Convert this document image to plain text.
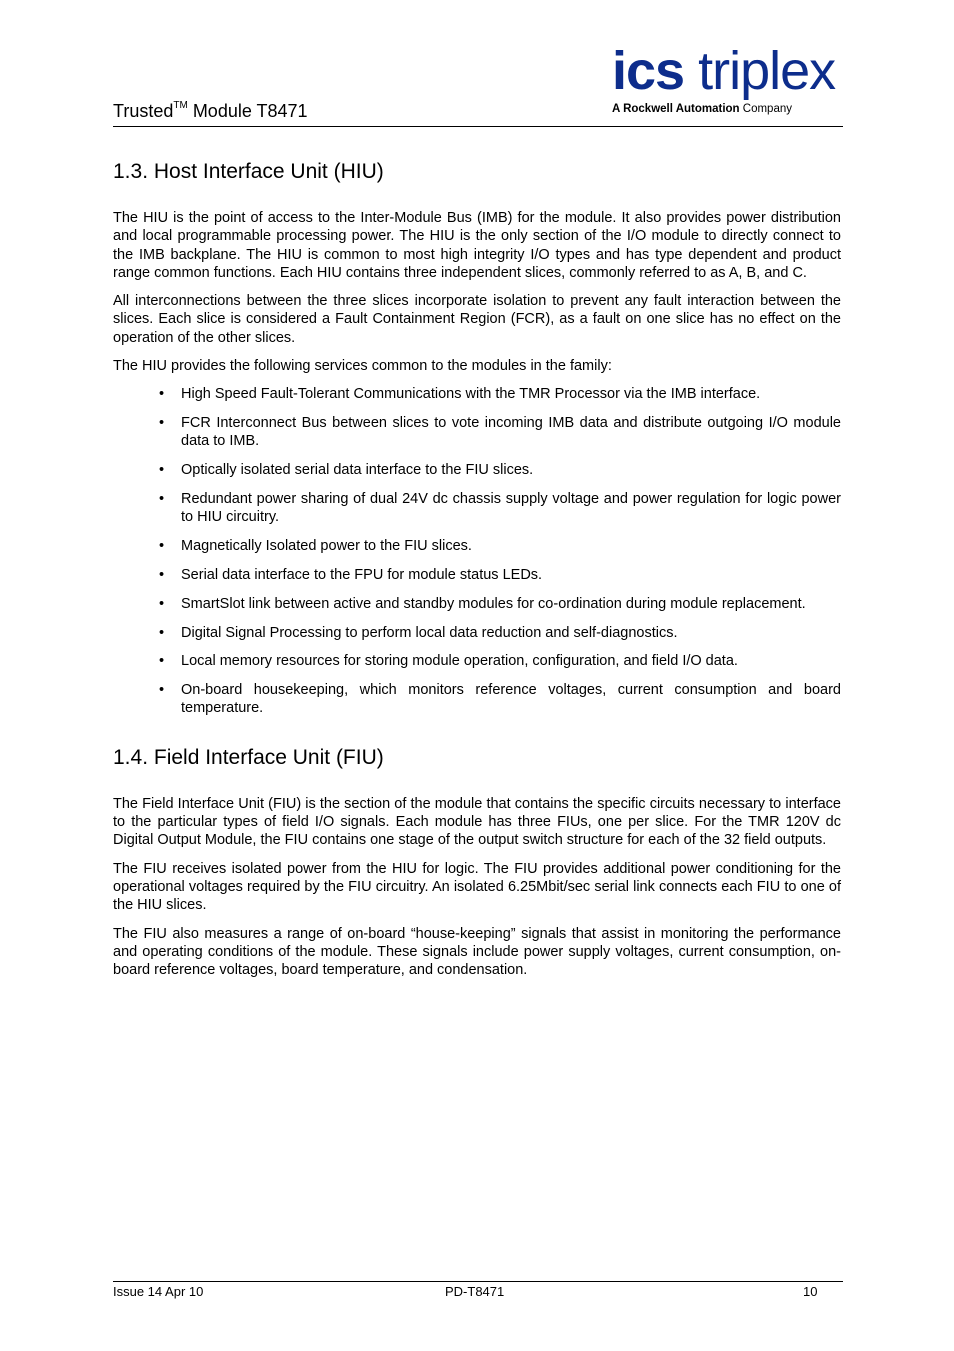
Trusted™ Module T8471
ics triplex
A Rockwell Automation Company
1.3. Host Interface Unit (HIU)

The HIU is the point of access to the Inter-Module Bus (IMB) for the module. It also provides power distribution and local programmable processing power. The HIU is the only section of the I/O module to directly connect to the IMB backplane. The HIU is common to most high integrity I/O types and has type dependent and product range common functions. Each HIU contains three independent slices, commonly referred to as A, B, and C.

All interconnections between the three slices incorporate isolation to prevent any fault interaction between the slices. Each slice is considered a Fault Containment Region (FCR), as a fault on one slice has no effect on the operation of the other slices.

The HIU provides the following services common to the modules in the family:

• High Speed Fault-Tolerant Communications with the TMR Processor via the IMB interface.
• FCR Interconnect Bus between slices to vote incoming IMB data and distribute outgoing I/O module data to IMB.
• Optically isolated serial data interface to the FIU slices.
• Redundant power sharing of dual 24V dc chassis supply voltage and power regulation for logic power to HIU circuitry.
• Magnetically Isolated power to the FIU slices.
• Serial data interface to the FPU for module status LEDs.
• SmartSlot link between active and standby modules for co-ordination during module replacement.
• Digital Signal Processing to perform local data reduction and self-diagnostics.
• Local memory resources for storing module operation, configuration, and field I/O data.
• On-board housekeeping, which monitors reference voltages, current consumption and board temperature.
1.4. Field Interface Unit (FIU)

The Field Interface Unit (FIU) is the section of the module that contains the specific circuits necessary to interface to the particular types of field I/O signals. Each module has three FIUs, one per slice. For the TMR 120V dc Digital Output Module, the FIU contains one stage of the output switch structure for each of the 32 field outputs.

The FIU receives isolated power from the HIU for logic. The FIU provides additional power conditioning for the operational voltages required by the FIU circuitry. An isolated 6.25Mbit/sec serial link connects each FIU to one of the HIU slices.

The FIU also measures a range of on-board “house-keeping” signals that assist in monitoring the performance and operating conditions of the module. These signals include power supply voltages, current consumption, on-board reference voltages, board temperature, and condensation.

Issue 14 Apr 10	PD-T8471	10
